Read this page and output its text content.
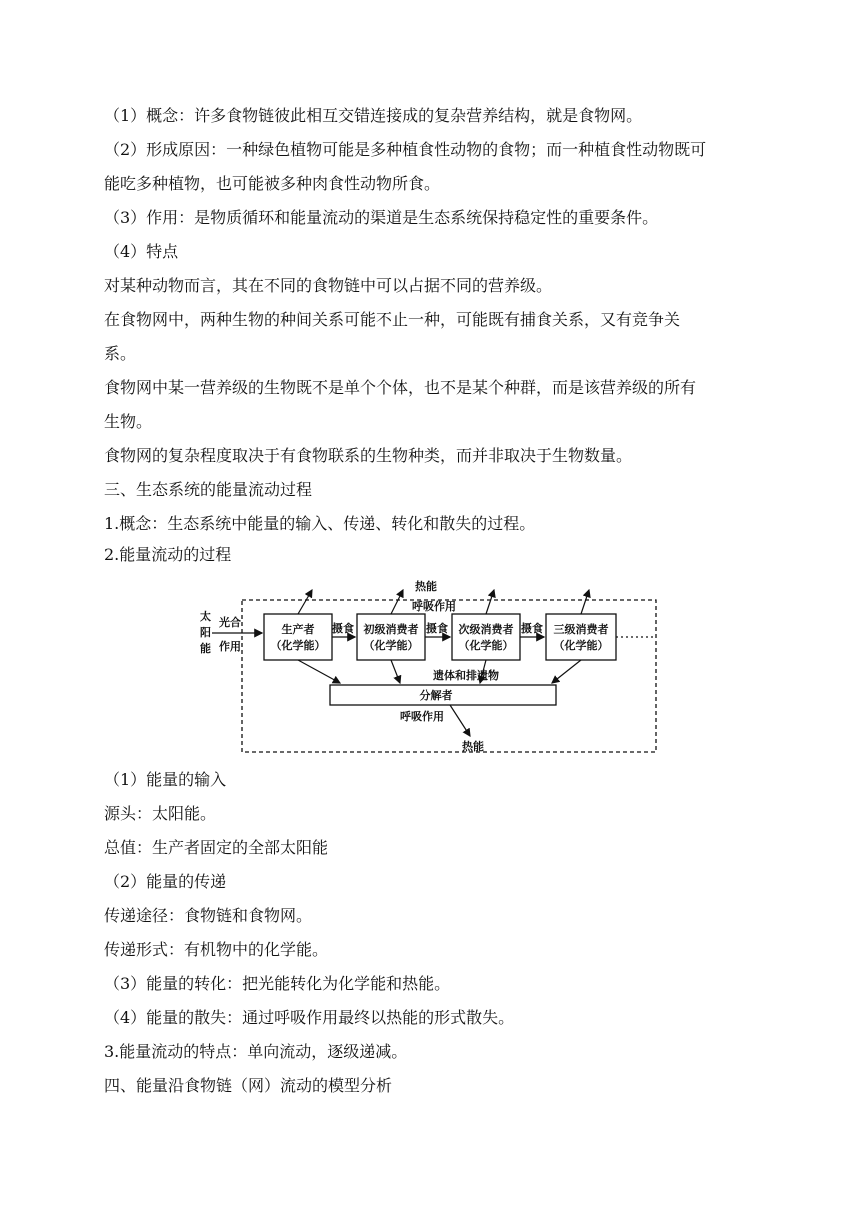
（1）概念：许多食物链彼此相互交错连接成的复杂营养结构，就是食物网。
（2）形成原因：一种绿色植物可能是多种植食性动物的食物；而一种植食性动物既可
能吃多种植物，也可能被多种肉食性动物所食。
（3）作用：是物质循环和能量流动的渠道是生态系统保持稳定性的重要条件。
（4）特点
对某种动物而言，其在不同的食物链中可以占据不同的营养级。
在食物网中，两种生物的种间关系可能不止一种，可能既有捕食关系，又有竞争关
系。
食物网中某一营养级的生物既不是单个个体，也不是某个种群，而是该营养级的所有
生物。
食物网的复杂程度取决于有食物联系的生物种类，而并非取决于生物数量。
三、生态系统的能量流动过程
1.概念：生态系统中能量的输入、传递、转化和散失的过程。
2.能量流动的过程
太
阳
能
光合
作用
生产者
（化学能）
初级消费者
（化学能）
次级消费者
（化学能）
三级消费者
（化学能）
摄食	摄食	摄食
热能
呼吸作用
遗体和排遗物
分解者
呼吸作用
热能
（1）能量的输入
源头：太阳能。
总值：生产者固定的全部太阳能
（2）能量的传递
传递途径：食物链和食物网。
传递形式：有机物中的化学能。
（3）能量的转化：把光能转化为化学能和热能。
（4）能量的散失：通过呼吸作用最终以热能的形式散失。
3.能量流动的特点：单向流动，逐级递减。
四、能量沿食物链（网）流动的模型分析
